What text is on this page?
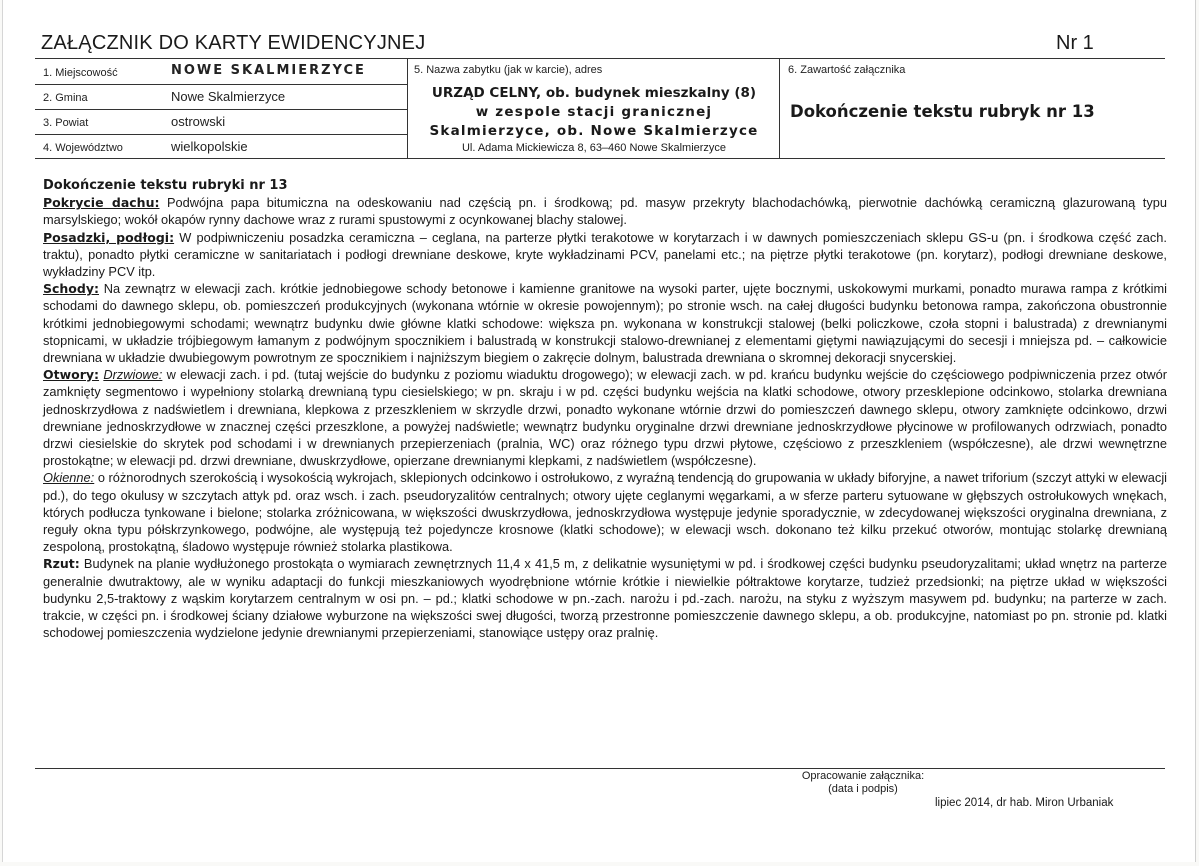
ZAŁĄCZNIK DO KARTY EWIDENCYJNEJ	Nr 1
1. Miejscowość	NOWE SKALMIERZYCE
2. Gmina	Nowe Skalmierzyce
3. Powiat	ostrowski
4. Województwo	wielkopolskie
5. Nazwa zabytku (jak w karcie), adres
URZĄD CELNY, ob. budynek mieszkalny (8)
w zespole stacji granicznej
Skalmierzyce, ob. Nowe Skalmierzyce
Ul. Adama Mickiewicza 8, 63–460 Nowe Skalmierzyce
6. Zawartość załącznika
Dokończenie tekstu rubryk nr 13

Dokończenie tekstu rubryki nr 13

Pokrycie dachu: Podwójna papa bitumiczna na odeskowaniu nad częścią pn. i środkową; pd. masyw przekryty blachodachówką, pierwotnie dachówką ceramiczną glazurowaną typu marsylskiego; wokół okapów rynny dachowe wraz z rurami spustowymi z ocynkowanej blachy stalowej.

Posadzki, podłogi: W podpiwniczeniu posadzka ceramiczna – ceglana, na parterze płytki terakotowe w korytarzach i w dawnych pomieszczeniach sklepu GS-u (pn. i środkowa część zach. traktu), ponadto płytki ceramiczne w sanitariatach i podłogi drewniane deskowe, kryte wykładzinami PCV, panelami etc.; na piętrze płytki terakotowe (pn. korytarz), podłogi drewniane deskowe, wykładziny PCV itp.

Schody: Na zewnątrz w elewacji zach. krótkie jednobiegowe schody betonowe i kamienne granitowe na wysoki parter, ujęte bocznymi, uskokowymi murkami, ponadto murawa rampa z krótkimi schodami do dawnego sklepu, ob. pomieszczeń produkcyjnych (wykonana wtórnie w okresie powojennym); po stronie wsch. na całej długości budynku betonowa rampa, zakończona obustronnie krótkimi jednobiegowymi schodami; wewnątrz budynku dwie główne klatki schodowe: większa pn. wykonana w konstrukcji stalowej (belki policzkowe, czoła stopni i balustrada) z drewnianymi stopnicami, w układzie trójbiegowym łamanym z podwójnym spocznikiem i balustradą w konstrukcji stalowo-drewnianej z elementami giętymi nawiązującymi do secesji i mniejsza pd. – całkowicie drewniana w układzie dwubiegowym powrotnym ze spocznikiem i najniższym biegiem o zakręcie dolnym, balustrada drewniana o skromnej dekoracji snycerskiej.

Otwory: Drzwiowe: w elewacji zach. i pd. (tutaj wejście do budynku z poziomu wiaduktu drogowego); w elewacji zach. w pd. krańcu budynku wejście do częściowego podpiwniczenia przez otwór zamknięty segmentowo i wypełniony stolarką drewnianą typu ciesielskiego; w pn. skraju i w pd. części budynku wejścia na klatki schodowe, otwory przesklepione odcinkowo, stolarka drewniana jednoskrzydłowa z nadświetlem i drewniana, klepkowa z przeszkleniem w skrzydle drzwi, ponadto wykonane wtórnie drzwi do pomieszczeń dawnego sklepu, otwory zamknięte odcinkowo, drzwi drewniane jednoskrzydłowe w znacznej części przeszklone, a powyżej nadświetle; wewnątrz budynku oryginalne drzwi drewniane jednoskrzydłowe płycinowe w profilowanych odrzwiach, ponadto drzwi ciesielskie do skrytek pod schodami i w drewnianych przepierzeniach (pralnia, WC) oraz różnego typu drzwi płytowe, częściowo z przeszkleniem (współczesne), ale drzwi wewnętrzne prostokątne; w elewacji pd. drzwi drewniane, dwuskrzydłowe, opierzane drewnianymi klepkami, z nadświetlem (współczesne).

Okienne: o różnorodnych szerokością i wysokością wykrojach, sklepionych odcinkowo i ostrołukowo, z wyraźną tendencją do grupowania w układy biforyjne, a nawet triforium (szczyt attyki w elewacji pd.), do tego okulusy w szczytach attyk pd. oraz wsch. i zach. pseudoryzalitów centralnych; otwory ujęte ceglanymi węgarkami, a w sferze parteru sytuowane w głębszych ostrołukowych wnękach, których podłucza tynkowane i bielone; stolarka zróżnicowana, w większości dwuskrzydłowa, jednoskrzydłowa występuje jedynie sporadycznie, w zdecydowanej większości oryginalna drewniana, z reguły okna typu półskrzynkowego, podwójne, ale występują też pojedyncze krosnowe (klatki schodowe); w elewacji wsch. dokonano też kilku przekuć otworów, montując stolarkę drewnianą zespoloną, prostokątną, śladowo występuje również stolarka plastikowa.

Rzut: Budynek na planie wydłużonego prostokąta o wymiarach zewnętrznych 11,4 x 41,5 m, z delikatnie wysuniętymi w pd. i środkowej części budynku pseudoryzalitami; układ wnętrz na parterze generalnie dwutraktowy, ale w wyniku adaptacji do funkcji mieszkaniowych wyodrębnione wtórnie krótkie i niewielkie półtraktowe korytarze, tudzież przedsionki; na piętrze układ w większości budynku 2,5-traktowy z wąskim korytarzem centralnym w osi pn. – pd.; klatki schodowe w pn.-zach. narożu i pd.-zach. narożu, na styku z wyższym masywem pd. budynku; na parterze w zach. trakcie, w części pn. i środkowej ściany działowe wyburzone na większości swej długości, tworzą przestronne pomieszczenie dawnego sklepu, a ob. produkcyjne, natomiast po pn. stronie pd. klatki schodowej pomieszczenia wydzielone jedynie drewnianymi przepierzeniami, stanowiące ustępy oraz pralnię.

Opracowanie załącznika:
(data i podpis)
lipiec 2014, dr hab. Miron Urbaniak
